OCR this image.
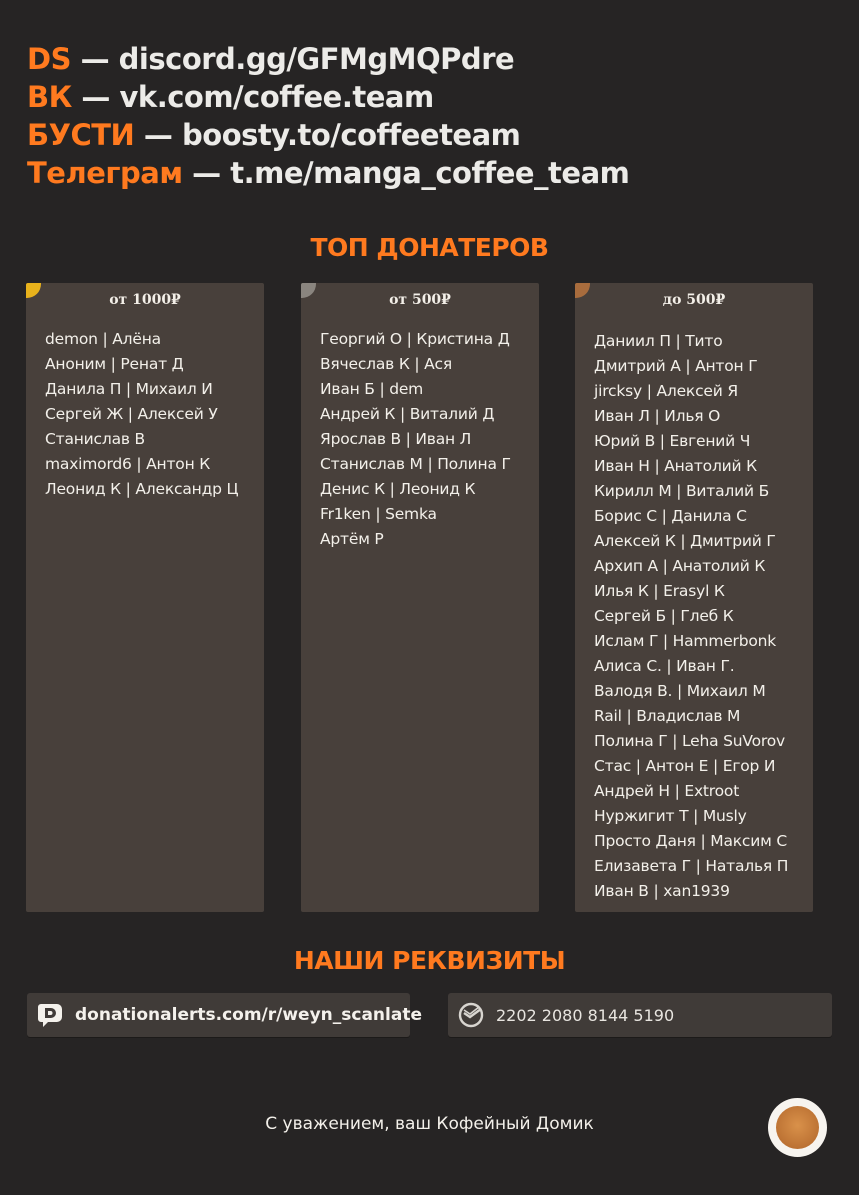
DS — discord.gg/GFMgMQPdre
ВК — vk.com/coffee.team
БУСТИ — boosty.to/coffeeteam
Телеграм — t.me/manga_coffee_team
ТОП ДОНАТЕРОВ
от 1000₽
demon | Алёна
Аноним | Ренат Д
Данила П | Михаил И
Сергей Ж | Алексей У
Станислав В
maximord6 | Антон К
Леонид К | Александр Ц
от 500₽
Георгий О | Кристина Д
Вячеслав К | Ася
Иван Б | dem
Андрей К | Виталий Д
Ярослав В | Иван Л
Станислав М | Полина Г
Денис К | Леонид К
Fr1ken | Semka
Артём Р
до 500₽
Даниил П | Тито
Дмитрий А | Антон Г
jircksy | Алексей Я
Иван Л | Илья О
Юрий В | Евгений Ч
Иван Н | Анатолий К
Кирилл М | Виталий Б
Борис С | Данила С
Алексей К | Дмитрий Г
Архип А | Анатолий К
Илья К | Erasyl К
Сергей Б | Глеб К
Ислам Г | Hammerbonk
Алиса С. | Иван Г.
Валодя В. | Михаил М
Rail | Владислав М
Полина Г | Leha SuVorov
Стас | Антон Е | Егор И
Андрей Н | Extroot
Нуржигит Т | Musly
Просто Даня | Максим С
Елизавета Г | Наталья П
Иван В | xan1939
НАШИ РЕКВИЗИТЫ
donationalerts.com/r/weyn_scanlate	2202 2080 8144 5190
С уважением, ваш Кофейный Домик
